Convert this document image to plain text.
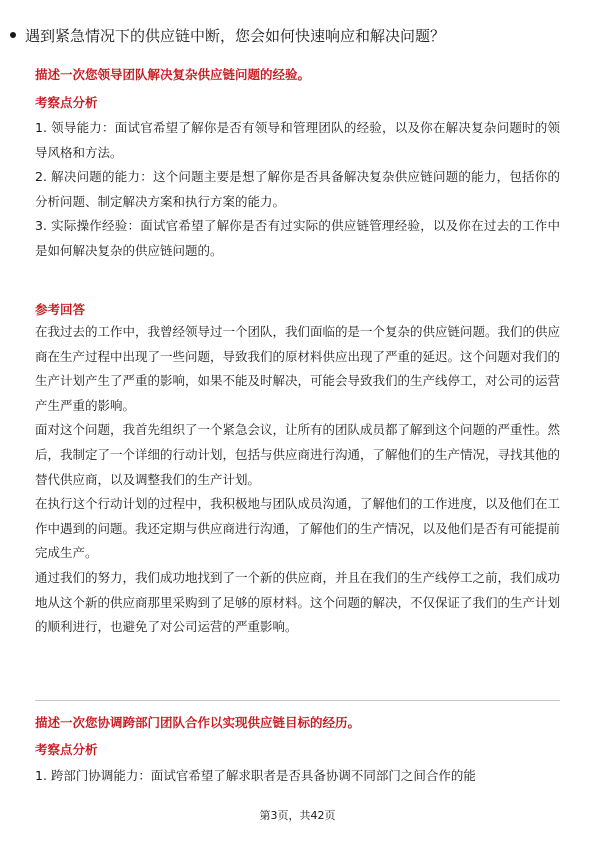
遇到紧急情况下的供应链中断，您会如何快速响应和解决问题？
描述一次您领导团队解决复杂供应链问题的经验。
考察点分析

1. 领导能力：面试官希望了解你是否有领导和管理团队的经验，以及你在解决复杂问题时的领导风格和方法。

2. 解决问题的能力：这个问题主要是想了解你是否具备解决复杂供应链问题的能力，包括你的分析问题、制定解决方案和执行方案的能力。

3. 实际操作经验：面试官希望了解你是否有过实际的供应链管理经验，以及你在过去的工作中是如何解决复杂的供应链问题的。

参考回答

在我过去的工作中，我曾经领导过一个团队，我们面临的是一个复杂的供应链问题。我们的供应商在生产过程中出现了一些问题，导致我们的原材料供应出现了严重的延迟。这个问题对我们的生产计划产生了严重的影响，如果不能及时解决，可能会导致我们的生产线停工，对公司的运营产生严重的影响。

面对这个问题，我首先组织了一个紧急会议，让所有的团队成员都了解到这个问题的严重性。然后，我制定了一个详细的行动计划，包括与供应商进行沟通，了解他们的生产情况，寻找其他的替代供应商，以及调整我们的生产计划。

在执行这个行动计划的过程中，我积极地与团队成员沟通，了解他们的工作进度，以及他们在工作中遇到的问题。我还定期与供应商进行沟通，了解他们的生产情况，以及他们是否有可能提前完成生产。

通过我们的努力，我们成功地找到了一个新的供应商，并且在我们的生产线停工之前，我们成功地从这个新的供应商那里采购到了足够的原材料。这个问题的解决，不仅保证了我们的生产计划的顺利进行，也避免了对公司运营的严重影响。

描述一次您协调跨部门团队合作以实现供应链目标的经历。
考察点分析

1. 跨部门协调能力：面试官希望了解求职者是否具备协调不同部门之间合作的能

第3页，共42页
